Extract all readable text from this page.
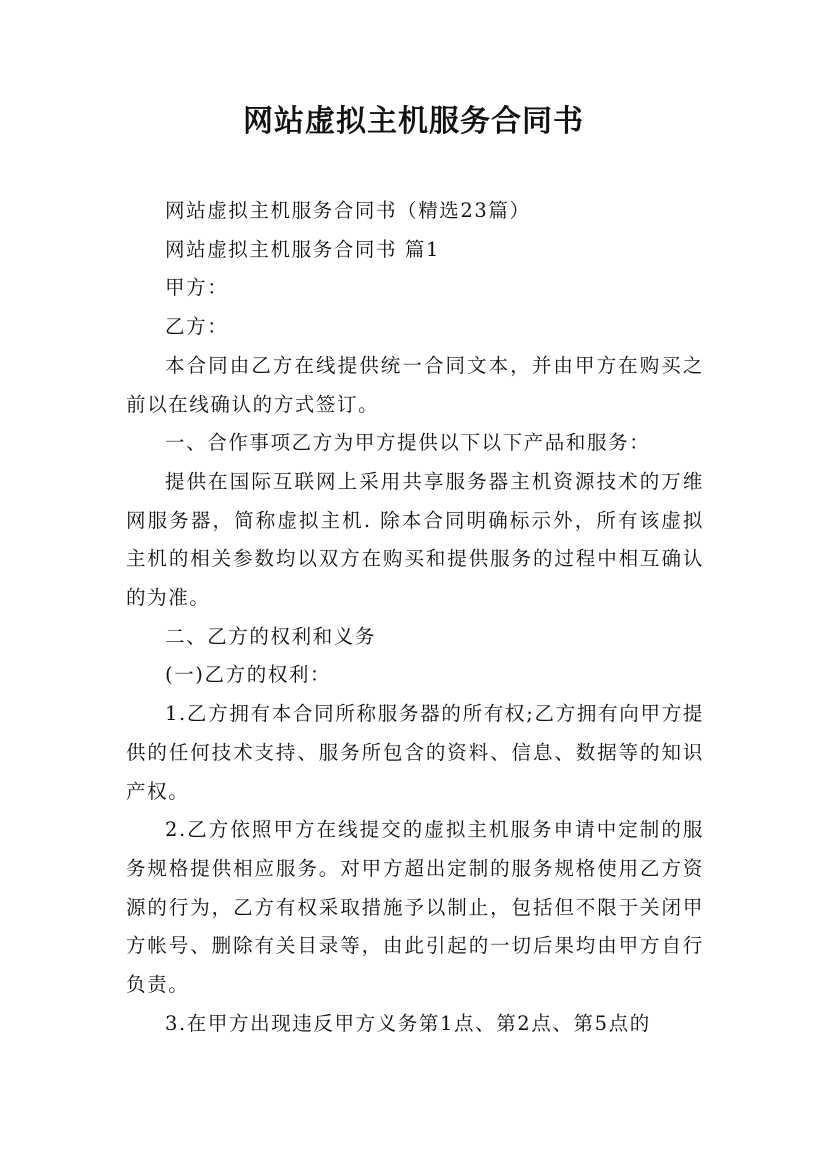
网站虚拟主机服务合同书

网站虚拟主机服务合同书（精选23篇）

网站虚拟主机服务合同书 篇1

甲方：

乙方：

本合同由乙方在线提供统一合同文本，并由甲方在购买之前以在线确认的方式签订。

一、合作事项乙方为甲方提供以下以下产品和服务：

提供在国际互联网上采用共享服务器主机资源技术的万维网服务器，简称虚拟主机. 除本合同明确标示外，所有该虚拟主机的相关参数均以双方在购买和提供服务的过程中相互确认的为准。

二、乙方的权利和义务

(一)乙方的权利：

1.乙方拥有本合同所称服务器的所有权;乙方拥有向甲方提供的任何技术支持、服务所包含的资料、信息、数据等的知识产权。

2.乙方依照甲方在线提交的虚拟主机服务申请中定制的服务规格提供相应服务。对甲方超出定制的服务规格使用乙方资源的行为，乙方有权采取措施予以制止，包括但不限于关闭甲方帐号、删除有关目录等，由此引起的一切后果均由甲方自行负责。

3.在甲方出现违反甲方义务第1点、第2点、第5点的
